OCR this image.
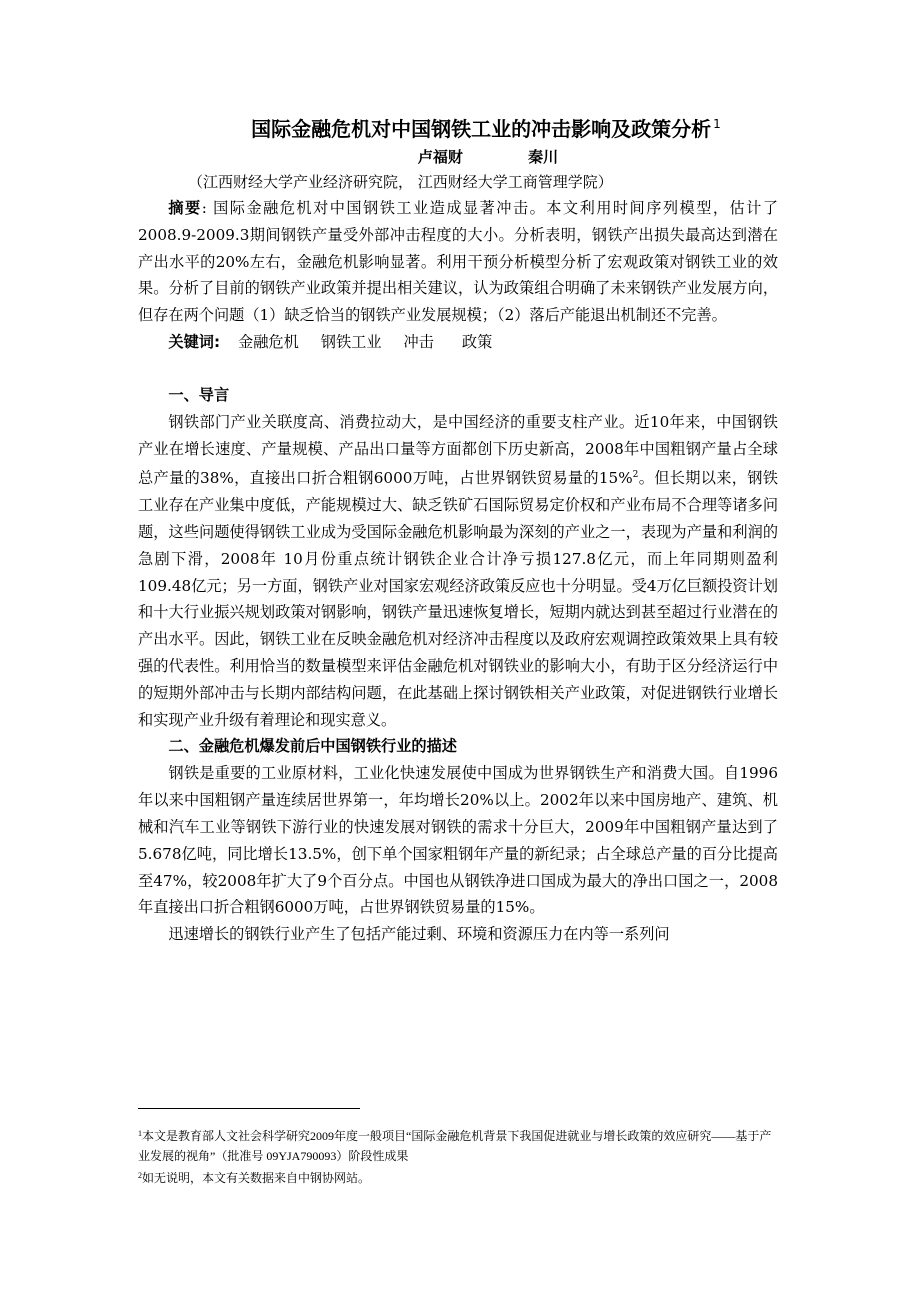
国际金融危机对中国钢铁工业的冲击影响及政策分析 $^1$

卢福财	秦川

（江西财经大学产业经济研究院， 江西财经大学工商管理学院）

摘要: 国际金融危机对中国钢铁工业造成显著冲击。本文利用时间序列模型，估计了2008.9-2009.3期间钢铁产量受外部冲击程度的大小。分析表明，钢铁产出损失最高达到潜在产出水平的20%左右，金融危机影响显著。利用干预分析模型分析了宏观政策对钢铁工业的效果。分析了目前的钢铁产业政策并提出相关建议，认为政策组合明确了未来钢铁产业发展方向，但存在两个问题（1）缺乏恰当的钢铁产业发展规模；（2）落后产能退出机制还不完善。

关键词: 金融危机 钢铁工业 冲击 政策

一、导言

钢铁部门产业关联度高、消费拉动大，是中国经济的重要支柱产业。近10年来，中国钢铁产业在增长速度、产量规模、产品出口量等方面都创下历史新高，2008年中国粗钢产量占全球总产量的38%，直接出口折合粗钢6000万吨，占世界钢铁贸易量的15%$^2$。但长期以来，钢铁工业存在产业集中度低，产能规模过大、缺乏铁矿石国际贸易定价权和产业布局不合理等诸多问题，这些问题使得钢铁工业成为受国际金融危机影响最为深刻的产业之一，表现为产量和利润的急剧下滑，2008年 10月份重点统计钢铁企业合计净亏损127.8亿元，而上年同期则盈利109.48亿元；另一方面，钢铁产业对国家宏观经济政策反应也十分明显。受4万亿巨额投资计划和十大行业振兴规划政策对钢影响，钢铁产量迅速恢复增长，短期内就达到甚至超过行业潜在的产出水平。因此，钢铁工业在反映金融危机对经济冲击程度以及政府宏观调控政策效果上具有较强的代表性。利用恰当的数量模型来评估金融危机对钢铁业的影响大小，有助于区分经济运行中的短期外部冲击与长期内部结构问题，在此基础上探讨钢铁相关产业政策，对促进钢铁行业增长和实现产业升级有着理论和现实意义。

二、金融危机爆发前后中国钢铁行业的描述

钢铁是重要的工业原材料，工业化快速发展使中国成为世界钢铁生产和消费大国。自1996年以来中国粗钢产量连续居世界第一，年均增长20%以上。2002年以来中国房地产、建筑、机械和汽车工业等钢铁下游行业的快速发展对钢铁的需求十分巨大，2009年中国粗钢产量达到了5.678亿吨，同比增长13.5%，创下单个国家粗钢年产量的新纪录；占全球总产量的百分比提高至47%，较2008年扩大了9个百分点。中国也从钢铁净进口国成为最大的净出口国之一，2008年直接出口折合粗钢6000万吨，占世界钢铁贸易量的15%。

迅速增长的钢铁行业产生了包括产能过剩、环境和资源压力在内等一系列问

$^1$本文是教育部人文社会科学研究2009年度一般项目“国际金融危机背景下我国促进就业与增长政策的效应研究——基于产业发展的视角”（批准号 09YJA790093）阶段性成果

$^2$如无说明，本文有关数据来自中钢协网站。
